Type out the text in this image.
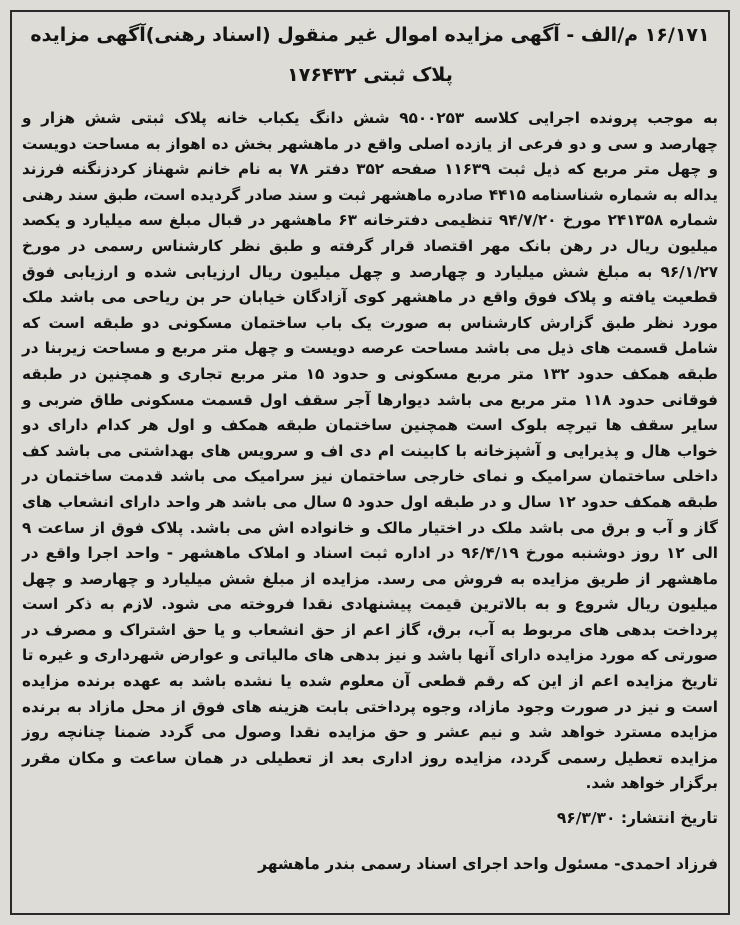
۱۶/۱۷۱ م/الف - آگهی مزایده اموال غیر منقول (اسناد رهنی)آگهی مزایده
پلاک ثبتی ۱۷۶۴۳۲

به موجب پرونده اجرایی کلاسه ۹۵۰۰۲۵۳ شش دانگ یکباب خانه پلاک ثبتی شش هزار و چهارصد و سی و دو فرعی از یازده اصلی واقع در ماهشهر بخش ده اهواز به مساحت دویست و چهل متر مربع که ذیل ثبت ۱۱۶۳۹ صفحه ۳۵۲ دفتر ۷۸ به نام خانم شهناز کردزنگنه فرزند یداله به شماره شناسنامه ۴۴۱۵ صادره ماهشهر ثبت و سند صادر گردیده است، طبق سند رهنی شماره ۲۴۱۳۵۸ مورخ ۹۴/۷/۲۰ تنظیمی دفترخانه ۶۳ ماهشهر در قبال مبلغ سه میلیارد و یکصد میلیون ریال در رهن بانک مهر اقتصاد قرار گرفته و طبق نظر کارشناس رسمی در مورخ ۹۶/۱/۲۷ به مبلغ شش میلیارد و چهارصد و چهل میلیون ریال ارزیابی شده و ارزیابی فوق قطعیت یافته و پلاک فوق واقع در ماهشهر کوی آزادگان خیابان حر بن ریاحی می باشد ملک مورد نظر طبق گزارش کارشناس به صورت یک باب ساختمان مسکونی دو طبقه است که شامل قسمت های ذیل می باشد مساحت عرصه دویست و چهل متر مربع و مساحت زیربنا در طبقه همکف حدود ۱۳۲ متر مربع مسکونی و حدود ۱۵ متر مربع تجاری و همچنین در طبقه فوقانی حدود ۱۱۸ متر مربع می باشد دیوارها آجر سقف اول قسمت مسکونی طاق ضربی و سایر سقف ها تیرچه بلوک است همچنین ساختمان طبقه همکف و اول هر کدام دارای دو خواب هال و پذیرایی و آشپزخانه با کابینت ام دی اف و سرویس های بهداشتی می باشد کف داخلی ساختمان سرامیک و نمای خارجی ساختمان نیز سرامیک می باشد قدمت ساختمان در طبقه همکف حدود ۱۲ سال و در طبقه اول حدود ۵ سال می باشد هر واحد دارای انشعاب های گاز و آب و برق می باشد ملک در اختیار مالک و خانواده اش می باشد. پلاک فوق از ساعت ۹ الی ۱۲ روز دوشنبه مورخ ۹۶/۴/۱۹ در اداره ثبت اسناد و املاک ماهشهر - واحد اجرا واقع در ماهشهر از طریق مزایده به فروش می رسد. مزایده از مبلغ شش میلیارد و چهارصد و چهل میلیون ریال شروع و به بالاترین قیمت پیشنهادی نقدا فروخته می شود. لازم به ذکر است پرداخت بدهی های مربوط به آب، برق، گاز اعم از حق انشعاب و یا حق اشتراک و مصرف در صورتی که مورد مزایده دارای آنها باشد و نیز بدهی های مالیاتی و عوارض شهرداری و غیره تا تاریخ مزایده اعم از این که رقم قطعی آن معلوم شده یا نشده باشد به عهده برنده مزایده است و نیز در صورت وجود مازاد، وجوه پرداختی بابت هزینه های فوق از محل مازاد به برنده مزایده مسترد خواهد شد و نیم عشر و حق مزایده نقدا وصول می گردد ضمنا چنانچه روز مزایده تعطیل رسمی گردد، مزایده روز اداری بعد از تعطیلی در همان ساعت و مکان مقرر برگزار خواهد شد.

تاریخ انتشار: ۹۶/۳/۳۰
فرزاد احمدی- مسئول واحد اجرای اسناد رسمی بندر ماهشهر
